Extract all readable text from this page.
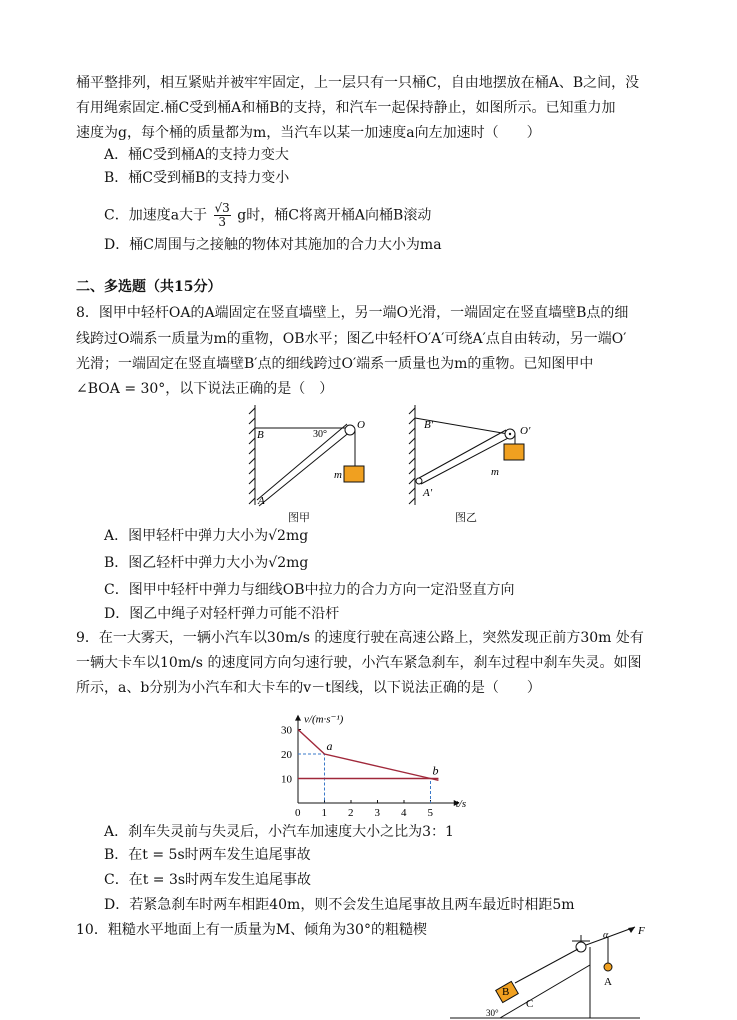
桶平整排列，相互紧贴并被牢牢固定，上一层只有一只桶C，自由地摆放在桶A、B之间，没
有用绳索固定.桶C受到桶A和桶B的支持，和汽车一起保持静止，如图所示。已知重力加
速度为g，每个桶的质量都为m，当汽车以某一加速度a向左加速时（　　）
A．桶C受到桶A的支持力变大
B．桶C受到桶B的支持力变小
C．加速度a大于 $\frac{√3}{3}$ g时，桶C将离开桶A向桶B滚动
D．桶C周围与之接触的物体对其施加的合力大小为ma
二、多选题（共15分）
8．图甲中轻杆OA的A端固定在竖直墙壁上，另一端O光滑，一端固定在竖直墙壁B点的细
线跨过O端系一质量为m的重物，OB水平；图乙中轻杆O′A′可绕A′点自由转动，另一端O′
光滑；一端固定在竖直墙壁B′点的细线跨过O′端系一质量也为m的重物。已知图甲中
∠BOA = 30°，以下说法正确的是（　）
B	30°
O
A
m
图甲
B′	O′
A′
m
图乙
A．图甲轻杆中弹力大小为√2mg
B．图乙轻杆中弹力大小为√2mg
C．图甲中轻杆中弹力与细线OB中拉力的合力方向一定沿竖直方向
D．图乙中绳子对轻杆弹力可能不沿杆
9．在一大雾天，一辆小汽车以30m/s 的速度行驶在高速公路上，突然发现正前方30m 处有
一辆大卡车以10m/s 的速度同方向匀速行驶，小汽车紧急刹车，刹车过程中刹车失灵。如图
所示，a、b分别为小汽车和大卡车的v－t图线，以下说法正确的是（　　）
v/(m·s⁻¹)
t/s
0 1 2 3 4 5
10
20
30
a
b
A．刹车失灵前与失灵后，小汽车加速度大小之比为3：1
B．在t = 5s时两车发生追尾事故
C．在t = 3s时两车发生追尾事故
D．若紧急刹车时两车相距40m，则不会发生追尾事故且两车最近时相距5m
10．粗糙水平地面上有一质量为M、倾角为30°的粗糙楔	α	F
A
B
C
30°
